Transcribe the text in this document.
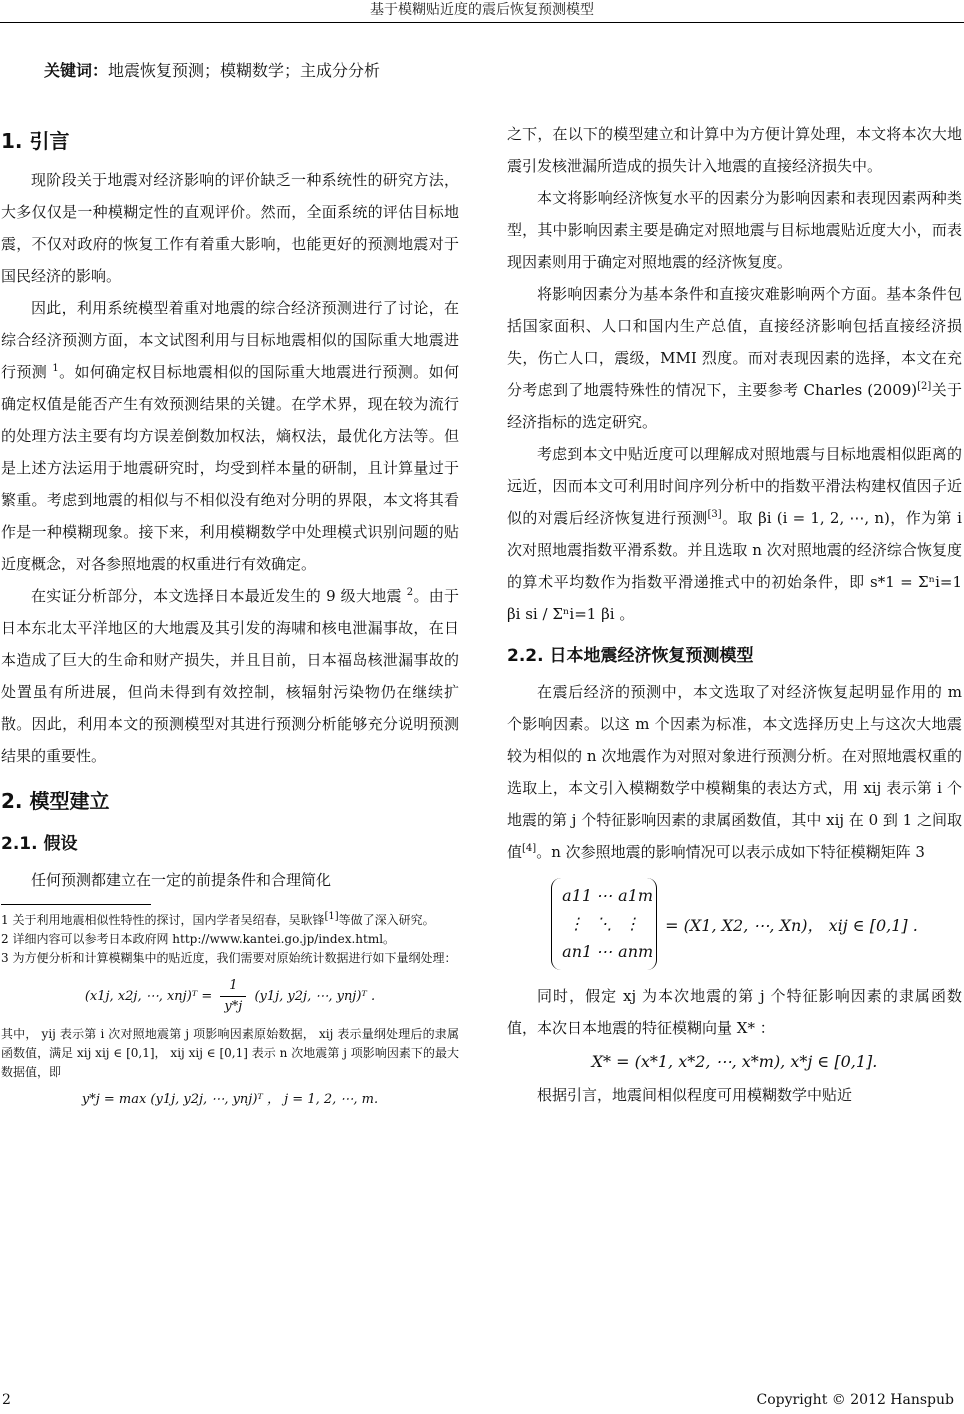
基于模糊贴近度的震后恢复预测模型
关键词：地震恢复预测；模糊数学；主成分分析
1. 引言

现阶段关于地震对经济影响的评价缺乏一种系统性的研究方法，大多仅仅是一种模糊定性的直观评价。然而，全面系统的评估目标地震，不仅对政府的恢复工作有着重大影响，也能更好的预测地震对于国民经济的影响。

因此，利用系统模型着重对地震的综合经济预测进行了讨论，在综合经济预测方面，本文试图利用与目标地震相似的国际重大地震进行预测 $^1$。如何确定权目标地震相似的国际重大地震进行预测。如何确定权值是能否产生有效预测结果的关键。在学术界，现在较为流行的处理方法主要有均方误差倒数加权法，熵权法，最优化方法等。但是上述方法运用于地震研究时，均受到样本量的研制，且计算量过于繁重。考虑到地震的相似与不相似没有绝对分明的界限，本文将其看作是一种模糊现象。接下来，利用模糊数学中处理模式识别问题的贴近度概念，对各参照地震的权重进行有效确定。

在实证分析部分，本文选择日本最近发生的 9 级大地震 $^2$。由于日本东北太平洋地区的大地震及其引发的海啸和核电泄漏事故，在日本造成了巨大的生命和财产损失，并且目前，日本福岛核泄漏事故的处置虽有所进展，但尚未得到有效控制，核辐射污染物仍在继续扩散。因此，利用本文的预测模型对其进行预测分析能够充分说明预测结果的重要性。

2. 模型建立
2.1. 假设

任何预测都建立在一定的前提条件和合理简化

1 关于利用地震相似性特性的探讨，国内学者吴绍春，吴耿锋[1]等做了深入研究。

2 详细内容可以参考日本政府网 http://www.kantei.go.jp/index.html。

3 为方便分析和计算模糊集中的贴近度，我们需要对原始统计数据进行如下量纲处理：

(x1j, x2j, ⋯, xnj)ᵀ = $\frac{1}{y*j} (y1j$, y2j, ⋯, ynj)ᵀ .

其中， yij 表示第 i 次对照地震第 j 项影响因素原始数据， xij 表示量纲处理后的隶属函数值，满足 xij xij ∈ [0,1]， xij xij ∈ [0,1] 表示 n 次地震第 j 项影响因素下的最大数据值，即

y*j = max (y1j, y2j, ⋯, ynj)ᵀ ， j = 1, 2, ⋯, m.

之下，在以下的模型建立和计算中为方便计算处理，本文将本次大地震引发核泄漏所造成的损失计入地震的直接经济损失中。

本文将影响经济恢复水平的因素分为影响因素和表现因素两种类型，其中影响因素主要是确定对照地震与目标地震贴近度大小，而表现因素则用于确定对照地震的经济恢复度。

将影响因素分为基本条件和直接灾难影响两个方面。基本条件包括国家面积、人口和国内生产总值，直接经济影响包括直接经济损失，伤亡人口，震级，MMI 烈度。而对表现因素的选择，本文在充分考虑到了地震特殊性的情况下，主要参考 Charles (2009)[2]关于经济指标的选定研究。

考虑到本文中贴近度可以理解成对照地震与目标地震相似距离的远近，因而本文可利用时间序列分析中的指数平滑法构建权值因子近似的对震后经济恢复进行预测[3]。取 βi (i = 1, 2, ⋯, n)，作为第 i 次对照地震指数平滑系数。并且选取 n 次对照地震的经济综合恢复度的算术平均数作为指数平滑递推式中的初始条件，即 s*1 = Σⁿi=1 βi si / Σⁿi=1 βi 。

2.2. 日本地震经济恢复预测模型

在震后经济的预测中，本文选取了对经济恢复起明显作用的 m 个影响因素。以这 m 个因素为标准，本文选择历史上与这次大地震较为相似的 n 次地震作为对照对象进行预测分析。在对照地震权重的选取上，本文引入模糊数学中模糊集的表达方式，用 xij 表示第 i 个地震的第 j 个特征影响因素的隶属函数值，其中 xij 在 0 到 1 之间取值[4]。n 次参照地震的影响情况可以表示成如下特征模糊矩阵 3

a11 ⋯ a1m
⋮ ⋱ ⋮
an1 ⋯ anm
= (X1, X2, ⋯, Xn)， xij ∈ [0,1] .

同时，假定 xj 为本次地震的第 j 个特征影响因素的隶属函数值，本次日本地震的特征模糊向量 X* ：

X* = (x*1, x*2, ⋯, x*m), x*j ∈ [0,1].

根据引言，地震间相似程度可用模糊数学中贴近

2	Copyright © 2012 Hanspub
